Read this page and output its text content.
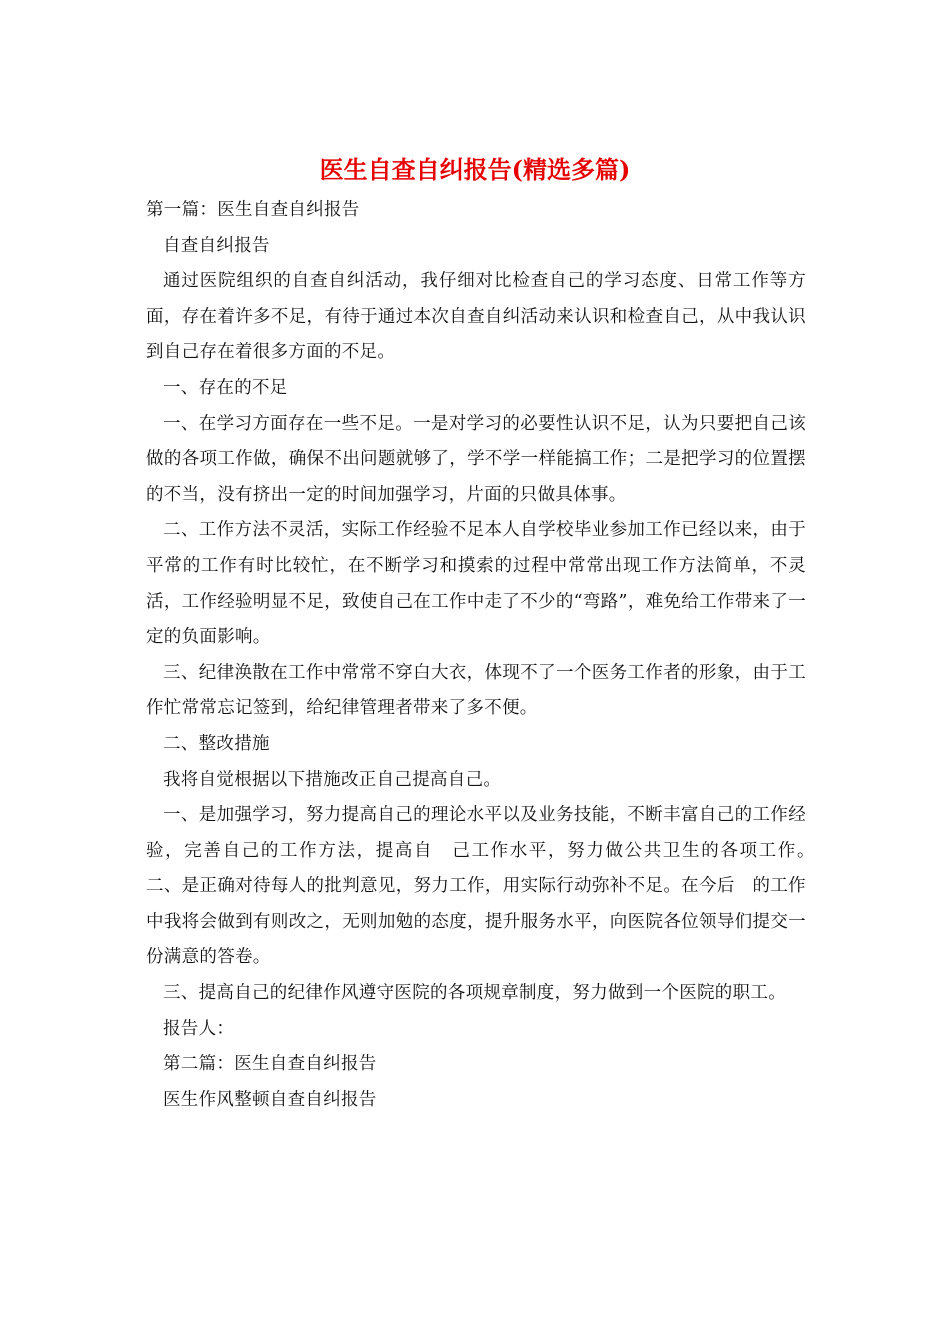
医生自查自纠报告(精选多篇)

第一篇：医生自查自纠报告

自查自纠报告

通过医院组织的自查自纠活动，我仔细对比检查自己的学习态度、日常工作等方面，存在着许多不足，有待于通过本次自查自纠活动来认识和检查自己，从中我认识到自己存在着很多方面的不足。

一、存在的不足

一、在学习方面存在一些不足。一是对学习的必要性认识不足，认为只要把自己该做的各项工作做，确保不出问题就够了，学不学一样能搞工作；二是把学习的位置摆的不当，没有挤出一定的时间加强学习，片面的只做具体事。

二、工作方法不灵活，实际工作经验不足本人自学校毕业参加工作已经以来，由于平常的工作有时比较忙，在不断学习和摸索的过程中常常出现工作方法简单，不灵活，工作经验明显不足，致使自己在工作中走了不少的“弯路”，难免给工作带来了一定的负面影响。

三、纪律涣散在工作中常常不穿白大衣，体现不了一个医务工作者的形象，由于工作忙常常忘记签到，给纪律管理者带来了多不便。

二、整改措施

我将自觉根据以下措施改正自己提高自己。

一、是加强学习，努力提高自己的理论水平以及业务技能，不断丰富自己的工作经验，完善自己的工作方法，提高自　己工作水平，努力做公共卫生的各项工作。　二、是正确对待每人的批判意见，努力工作，用实际行动弥补不足。在今后　的工作中我将会做到有则改之，无则加勉的态度，提升服务水平，向医院各位领导们提交一份满意的答卷。

三、提高自己的纪律作风遵守医院的各项规章制度，努力做到一个医院的职工。

报告人：

第二篇：医生自查自纠报告

医生作风整顿自查自纠报告
